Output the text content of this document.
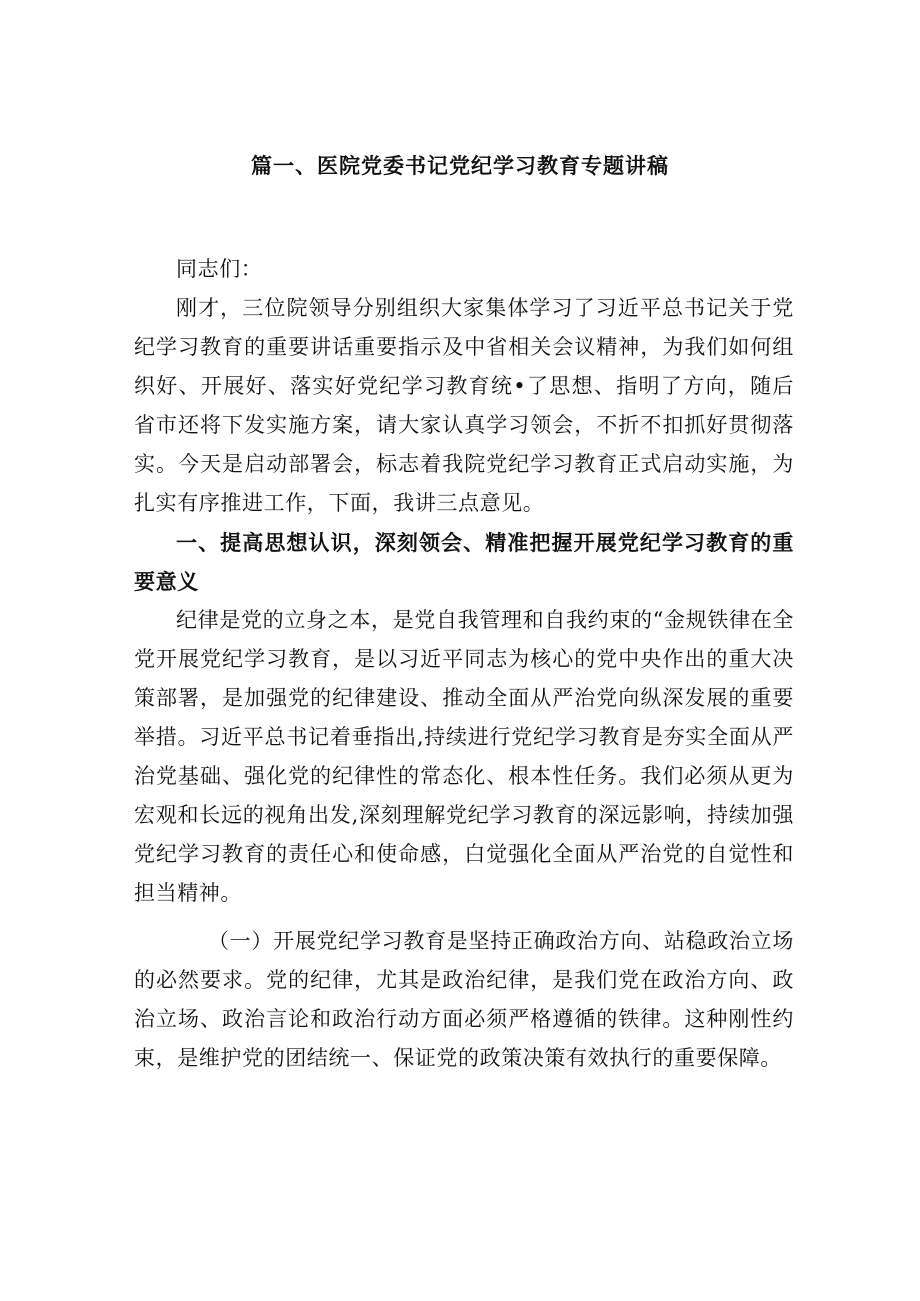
篇一、医院党委书记党纪学习教育专题讲稿

同志们：

刚才，三位院领导分别组织大家集体学习了习近平总书记关于党纪学习教育的重要讲话重要指示及中省相关会议精神，为我们如何组织好、开展好、落实好党纪学习教育统•了思想、指明了方向，随后省市还将下发实施方案，请大家认真学习领会，不折不扣抓好贯彻落实。今天是启动部署会，标志着我院党纪学习教育正式启动实施，为扎实有序推进工作，下面，我讲三点意见。

一、提高思想认识，深刻领会、精准把握开展党纪学习教育的重要意义

纪律是党的立身之本，是党自我管理和自我约束的“金规铁律在全党开展党纪学习教育，是以习近平同志为核心的党中央作出的重大决策部署，是加强党的纪律建设、推动全面从严治党向纵深发展的重要举措。习近平总书记着垂指出,持续进行党纪学习教育是夯实全面从严治党基础、强化党的纪律性的常态化、根本性任务。我们必须从更为宏观和长远的视角出发,深刻理解党纪学习教育的深远影响，持续加强党纪学习教育的责任心和使命感，白觉强化全面从严治党的自觉性和担当精神。

（一）开展党纪学习教育是坚持正确政治方向、站稳政治立场的必然要求。党的纪律，尤其是政治纪律，是我们党在政治方向、政治立场、政治言论和政治行动方面必须严格遵循的铁律。这种刚性约束，是维护党的团结统一、保证党的政策决策有效执行的重要保障。
